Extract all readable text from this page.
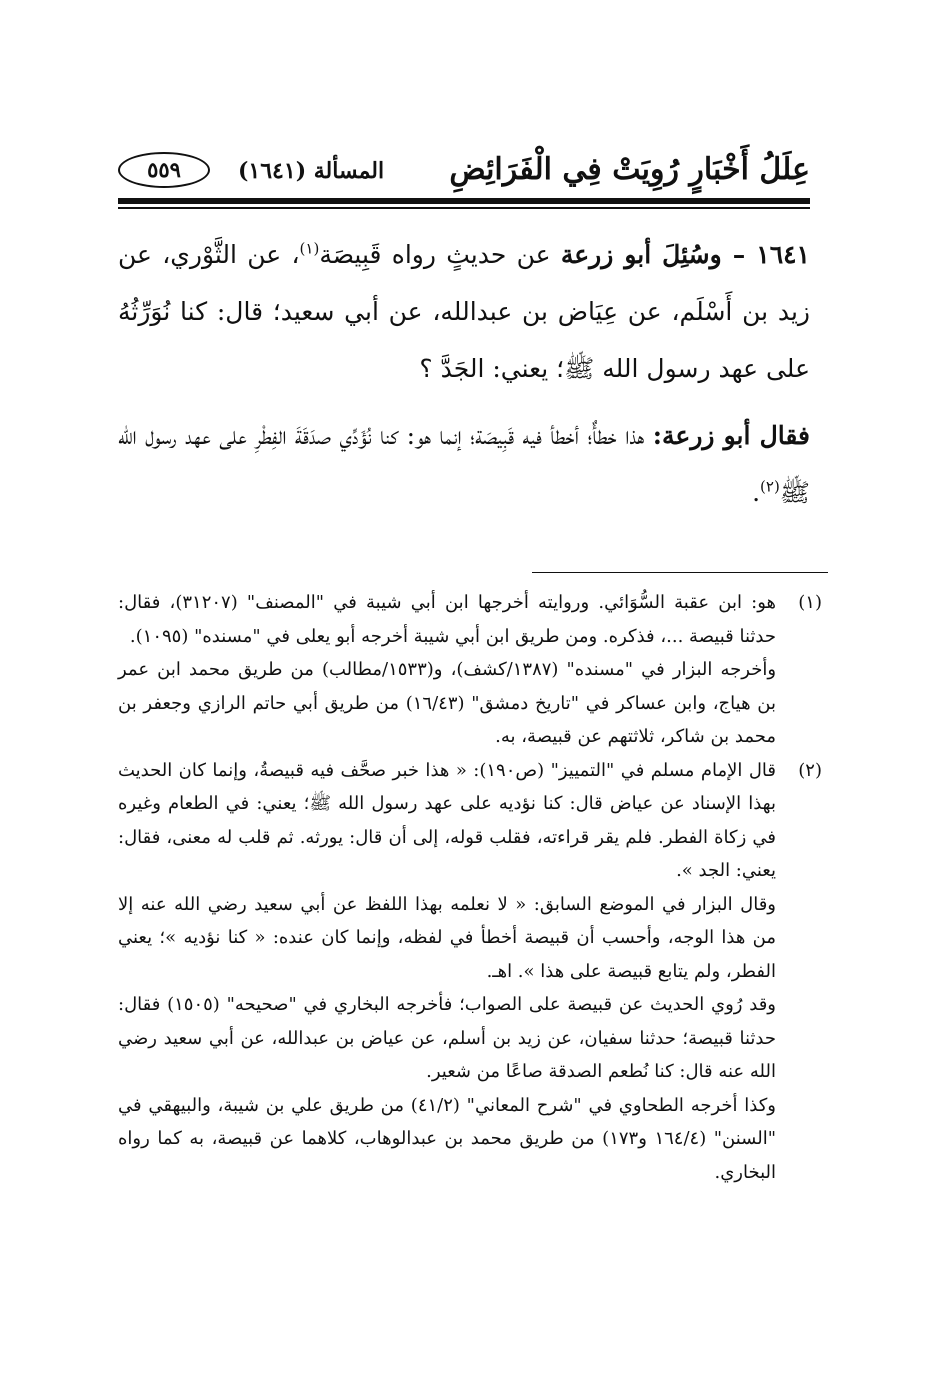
عِلَلُ أَخْبَارٍ رُوِيَتْ فِي الْفَرَائِضِ
المسألة (١٦٤١)
٥٥٩

١٦٤١ – وسُئِلَ أبو زرعة عن حديثٍ رواه قَبِيصَة$^{(١)}$، عن الثَّوْري، عن زيد بن أَسْلَم، عن عِيَاض بن عبدالله، عن أبي سعيد؛ قال: كنا نُوَرِّثُهُ على عهد رسول الله ﷺ؛ يعني: الجَدَّ ؟

فقال أبو زرعة: هذا خطأٌ؛ أخطأ فيه قَبِيصَة؛ إنما هو: كنا نُؤَدِّي صدَقَةَ الفِطْرِ على عهد رسول الله ﷺ$^{(٢)}$.

(١)

هو: ابن عقبة السُّوَائي. وروايته أخرجها ابن أبي شيبة في "المصنف" (٣١٢٠٧)، فقال: حدثنا قبيصة ...، فذكره. ومن طريق ابن أبي شيبة أخرجه أبو يعلى في "مسنده" (١٠٩٥).

وأخرجه البزار في "مسنده" (١٣٨٧/كشف)، و(١٥٣٣/مطالب) من طريق محمد ابن عمر بن هياج، وابن عساكر في "تاريخ دمشق" (١٦/٤٣) من طريق أبي حاتم الرازي وجعفر بن محمد بن شاكر، ثلاثتهم عن قبيصة، به.

(٢)

قال الإمام مسلم في "التمييز" (ص١٩٠): « هذا خبر صحَّف فيه قبيصةُ، وإنما كان الحديث بهذا الإسناد عن عياض قال: كنا نؤديه على عهد رسول الله ﷺ؛ يعني: في الطعام وغيره في زكاة الفطر. فلم يقر قراءته، فقلب قوله، إلى أن قال: يورثه. ثم قلب له معنى، فقال: يعني: الجد ».

وقال البزار في الموضع السابق: « لا نعلمه بهذا اللفظ عن أبي سعيد رضي الله عنه إلا من هذا الوجه، وأحسب أن قبيصة أخطأ في لفظه، وإنما كان عنده: « كنا نؤديه »؛ يعني الفطر، ولم يتابع قبيصة على هذا ». اهـ.

وقد رُوي الحديث عن قبيصة على الصواب؛ فأخرجه البخاري في "صحيحه" (١٥٠٥) فقال: حدثنا قبيصة؛ حدثنا سفيان، عن زيد بن أسلم، عن عياض بن عبدالله، عن أبي سعيد رضي الله عنه قال: كنا نُطعم الصدقة صاعًا من شعير.

وكذا أخرجه الطحاوي في "شرح المعاني" (٤١/٢) من طريق علي بن شيبة، والبيهقي في "السنن" (١٦٤/٤ و١٧٣) من طريق محمد بن عبدالوهاب، كلاهما عن قبيصة، به كما رواه البخاري.
